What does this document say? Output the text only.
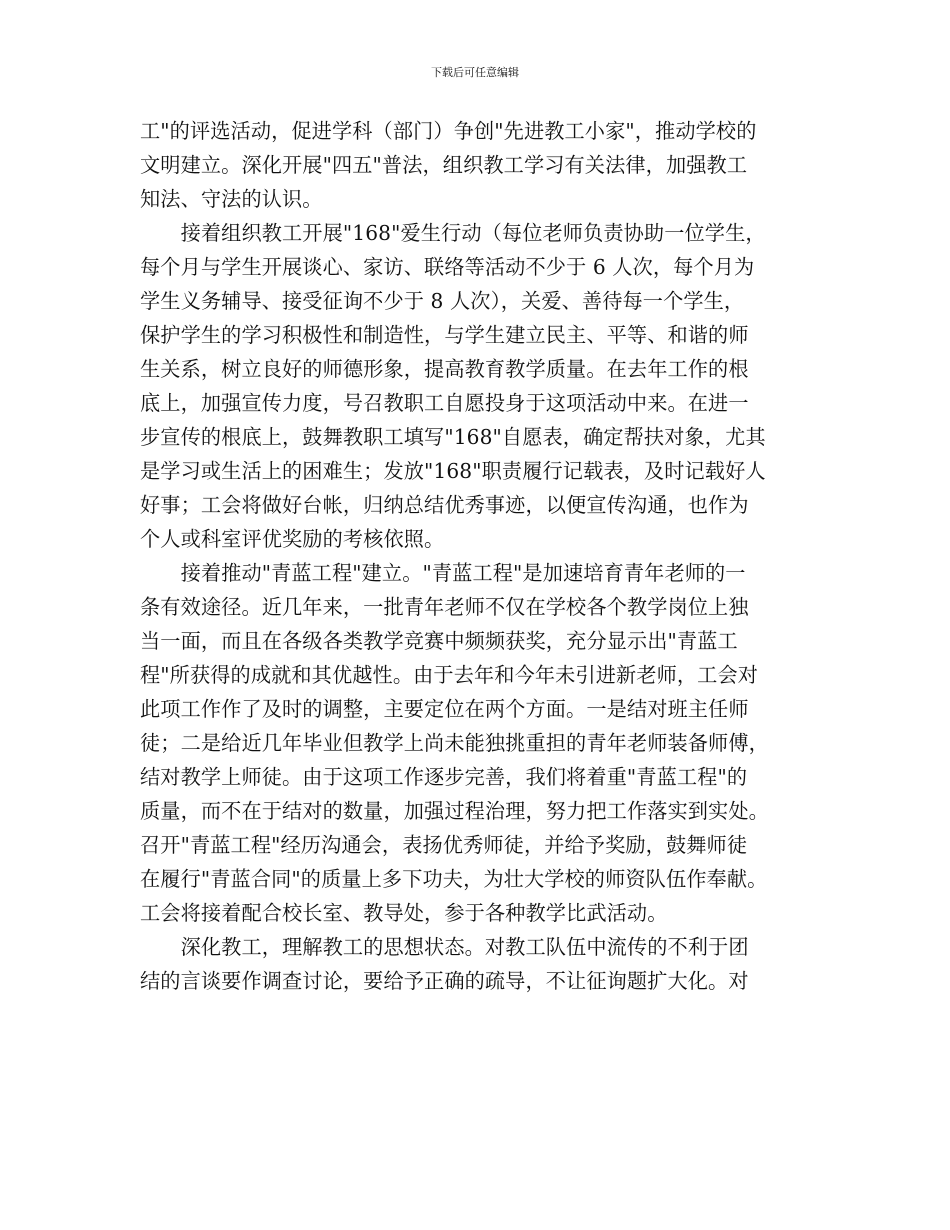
下载后可任意编辑
工"的评选活动，促进学科（部门）争创"先进教工小家"，推动学校的
文明建立。深化开展"四五"普法，组织教工学习有关法律，加强教工
知法、守法的认识。
　　接着组织教工开展"168"爱生行动（每位老师负责协助一位学生，
每个月与学生开展谈心、家访、联络等活动不少于 6 人次，每个月为
学生义务辅导、接受征询不少于 8 人次），关爱、善待每一个学生，
保护学生的学习积极性和制造性，与学生建立民主、平等、和谐的师
生关系，树立良好的师德形象，提高教育教学质量。在去年工作的根
底上，加强宣传力度，号召教职工自愿投身于这项活动中来。在进一
步宣传的根底上，鼓舞教职工填写"168"自愿表，确定帮扶对象，尤其
是学习或生活上的困难生；发放"168"职责履行记载表，及时记载好人
好事；工会将做好台帐，归纳总结优秀事迹，以便宣传沟通，也作为
个人或科室评优奖励的考核依照。
　　接着推动"青蓝工程"建立。"青蓝工程"是加速培育青年老师的一
条有效途径。近几年来，一批青年老师不仅在学校各个教学岗位上独
当一面，而且在各级各类教学竞赛中频频获奖，充分显示出"青蓝工
程"所获得的成就和其优越性。由于去年和今年未引进新老师，工会对
此项工作作了及时的调整，主要定位在两个方面。一是结对班主任师
徒；二是给近几年毕业但教学上尚未能独挑重担的青年老师装备师傅，
结对教学上师徒。由于这项工作逐步完善，我们将着重"青蓝工程"的
质量，而不在于结对的数量，加强过程治理，努力把工作落实到实处。
召开"青蓝工程"经历沟通会，表扬优秀师徒，并给予奖励，鼓舞师徒
在履行"青蓝合同"的质量上多下功夫，为壮大学校的师资队伍作奉献。
工会将接着配合校长室、教导处，参于各种教学比武活动。
　　深化教工，理解教工的思想状态。对教工队伍中流传的不利于团
结的言谈要作调查讨论，要给予正确的疏导，不让征询题扩大化。对
